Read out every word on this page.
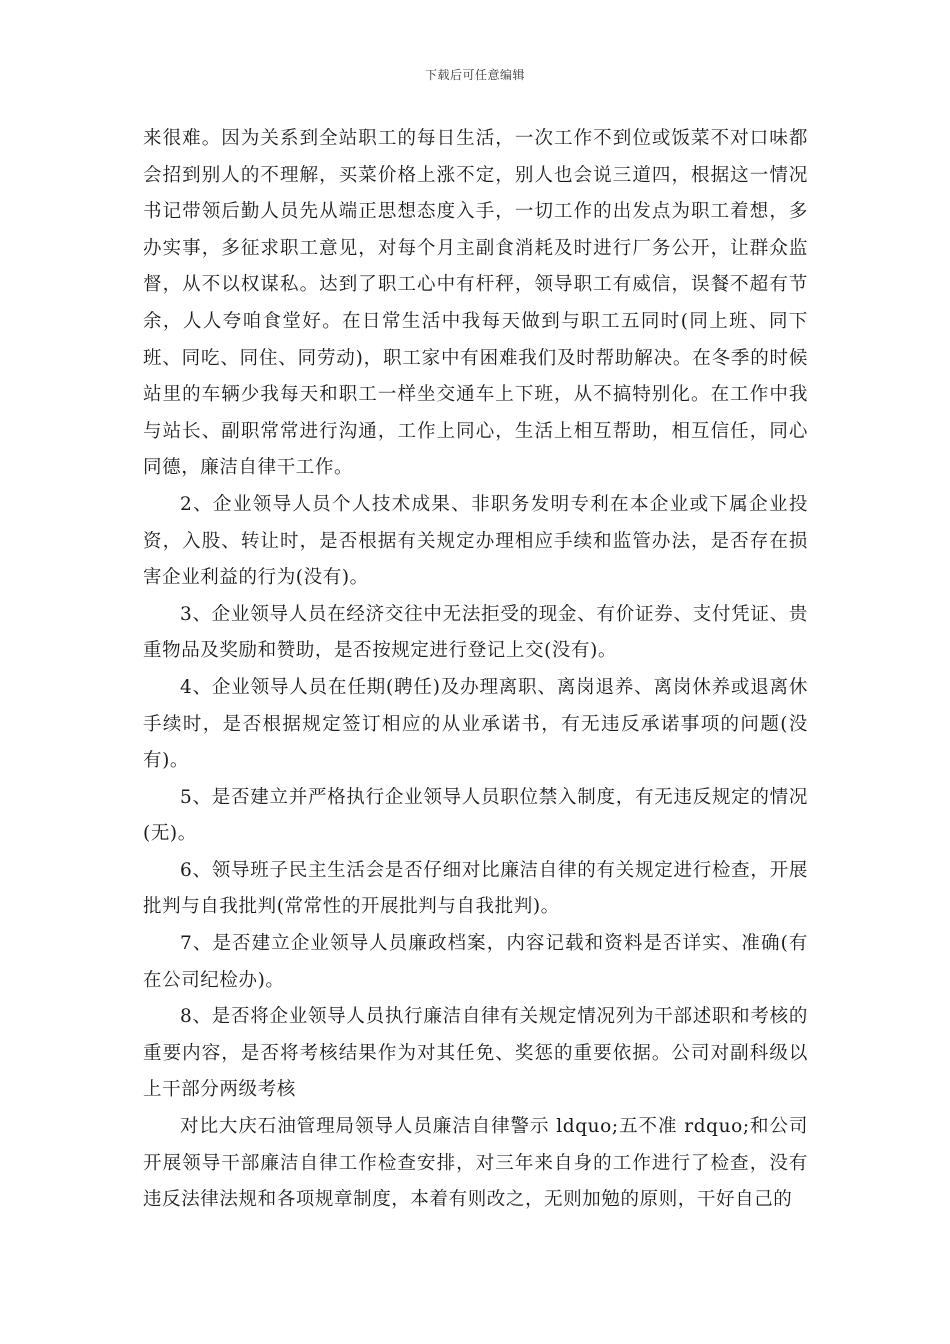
下载后可任意编辑

来很难。因为关系到全站职工的每日生活，一次工作不到位或饭菜不对口味都会招到别人的不理解，买菜价格上涨不定，别人也会说三道四，根据这一情况书记带领后勤人员先从端正思想态度入手，一切工作的出发点为职工着想，多办实事，多征求职工意见，对每个月主副食消耗及时进行厂务公开，让群众监督，从不以权谋私。达到了职工心中有杆秤，领导职工有威信，误餐不超有节余，人人夸咱食堂好。在日常生活中我每天做到与职工五同时(同上班、同下班、同吃、同住、同劳动)，职工家中有困难我们及时帮助解决。在冬季的时候站里的车辆少我每天和职工一样坐交通车上下班，从不搞特别化。在工作中我与站长、副职常常进行沟通，工作上同心，生活上相互帮助，相互信任，同心同德，廉洁自律干工作。

2、企业领导人员个人技术成果、非职务发明专利在本企业或下属企业投资，入股、转让时，是否根据有关规定办理相应手续和监管办法，是否存在损害企业利益的行为(没有)。

3、企业领导人员在经济交往中无法拒受的现金、有价证券、支付凭证、贵重物品及奖励和赞助，是否按规定进行登记上交(没有)。

4、企业领导人员在任期(聘任)及办理离职、离岗退养、离岗休养或退离休手续时，是否根据规定签订相应的从业承诺书，有无违反承诺事项的问题(没有)。

5、是否建立并严格执行企业领导人员职位禁入制度，有无违反规定的情况(无)。

6、领导班子民主生活会是否仔细对比廉洁自律的有关规定进行检查，开展批判与自我批判(常常性的开展批判与自我批判)。

7、是否建立企业领导人员廉政档案，内容记载和资料是否详实、准确(有在公司纪检办)。

8、是否将企业领导人员执行廉洁自律有关规定情况列为干部述职和考核的重要内容，是否将考核结果作为对其任免、奖惩的重要依据。公司对副科级以上干部分两级考核

对比大庆石油管理局领导人员廉洁自律警示 ldquo;五不准 rdquo;和公司开展领导干部廉洁自律工作检查安排，对三年来自身的工作进行了检查，没有违反法律法规和各项规章制度，本着有则改之，无则加勉的原则，干好自己的
